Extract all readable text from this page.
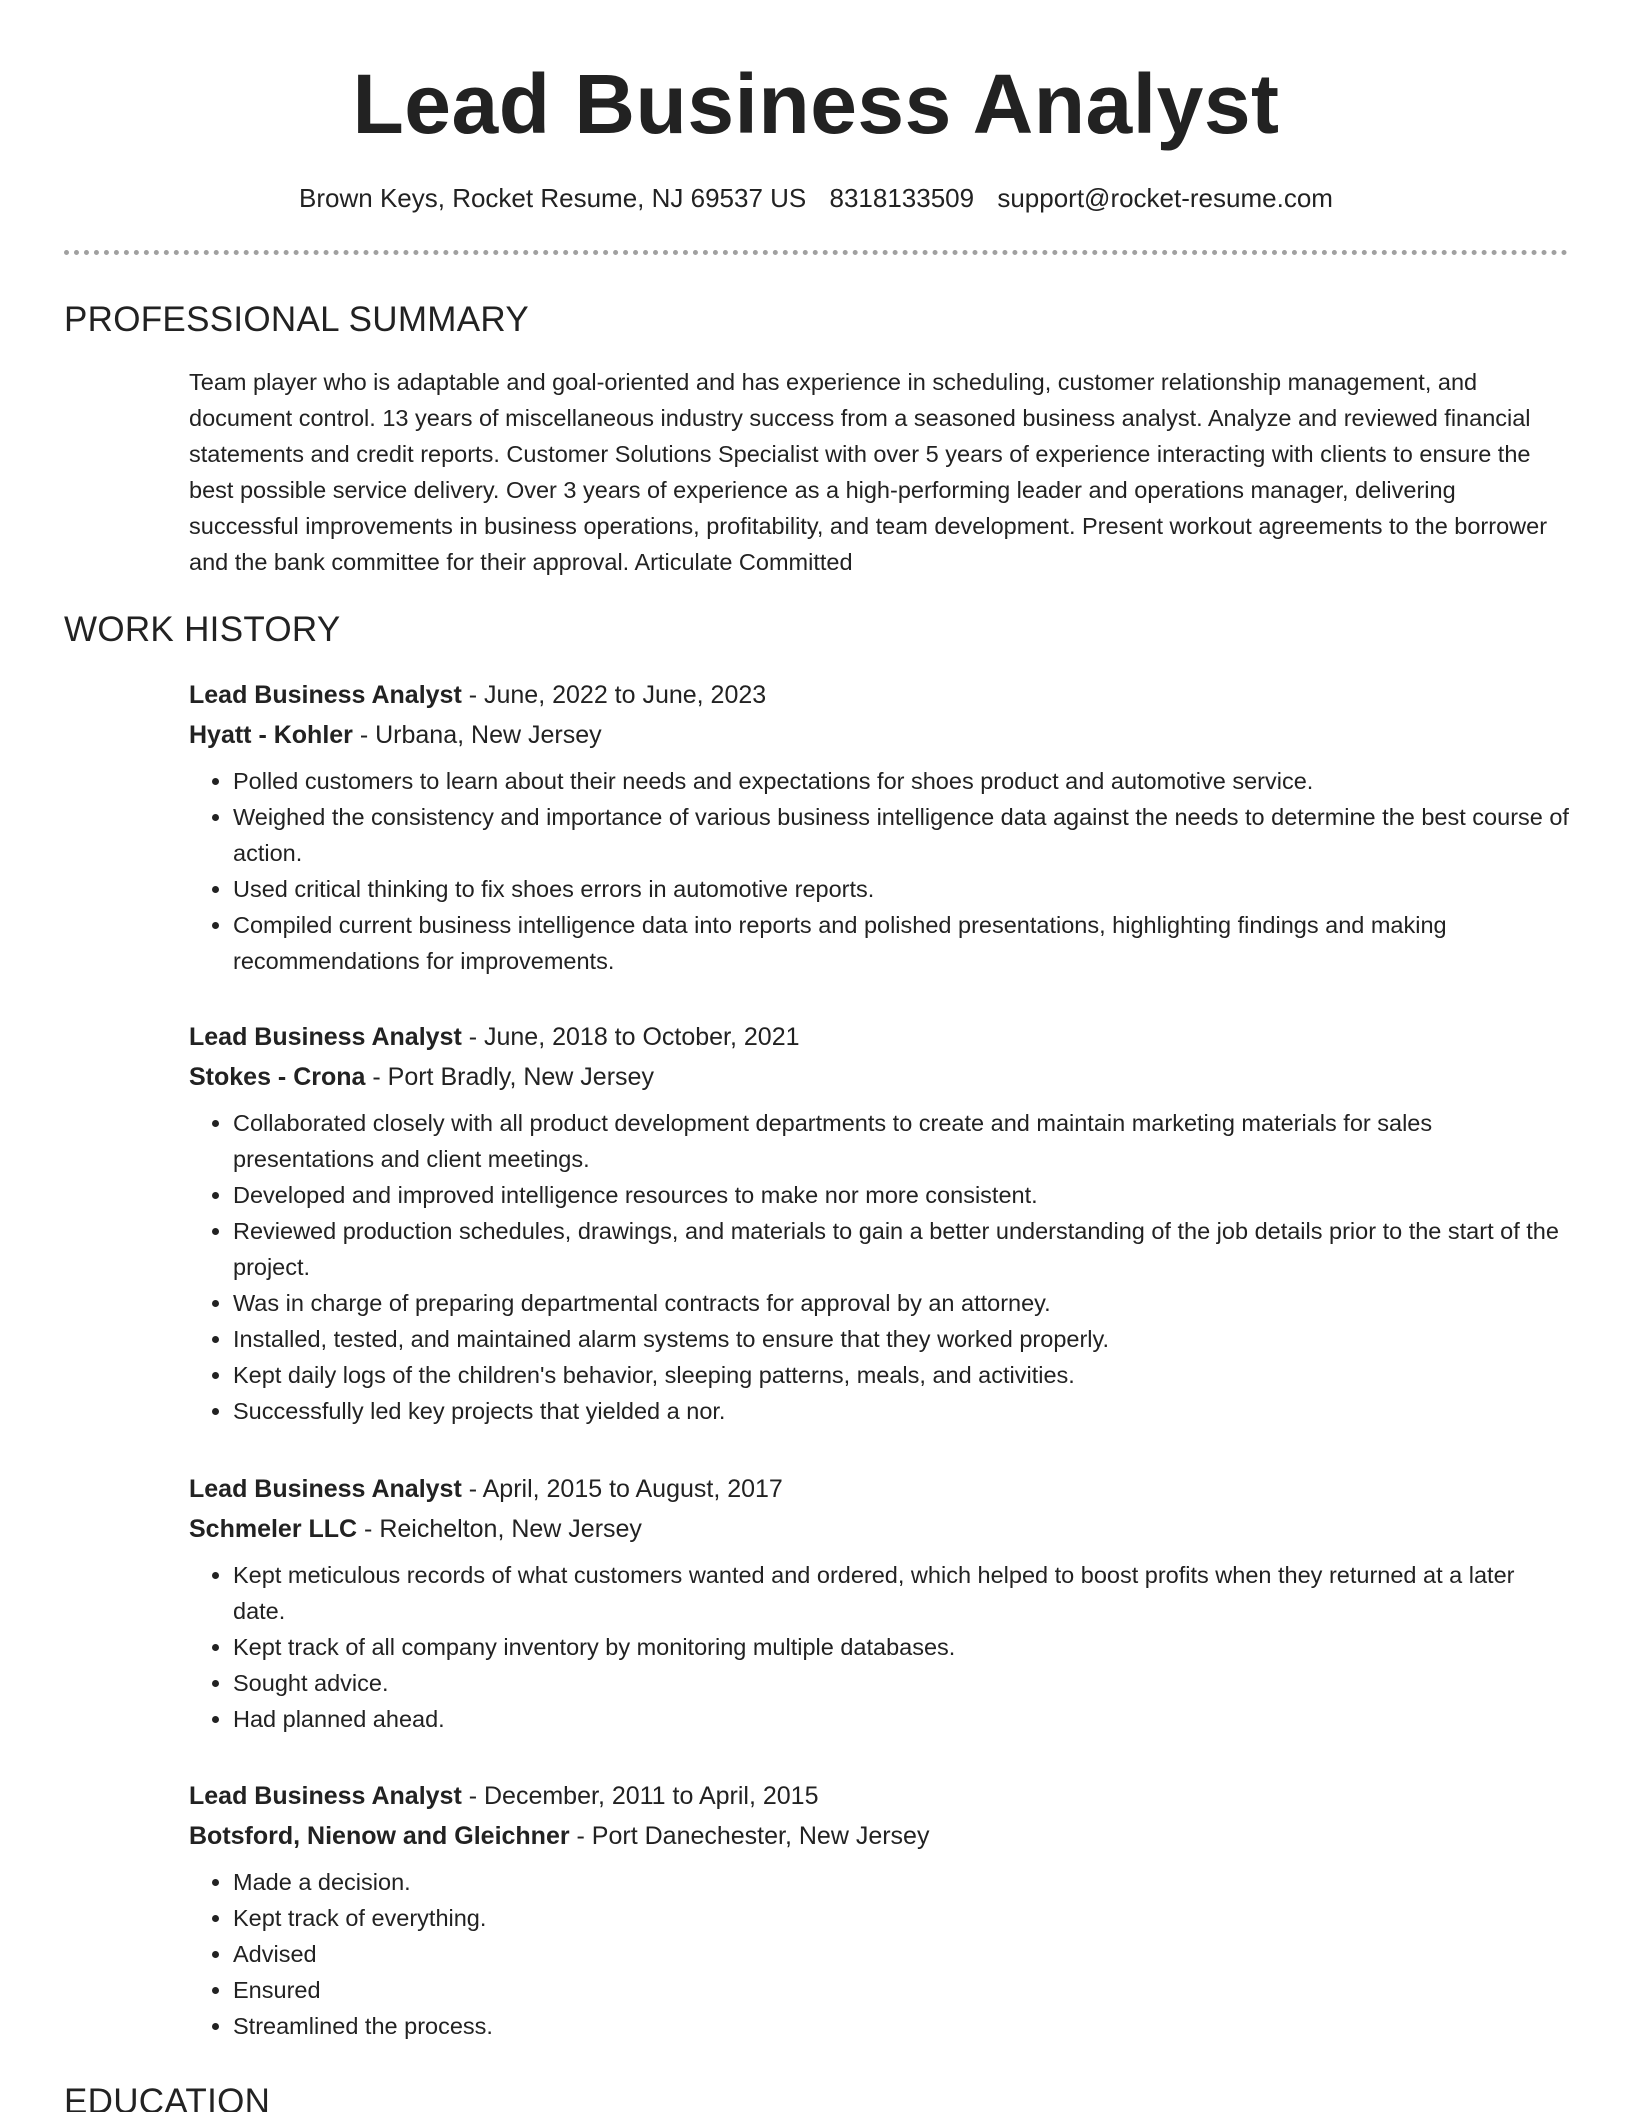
Lead Business Analyst
Brown Keys, Rocket Resume, NJ 69537 US 8318133509 support@rocket-resume.com
PROFESSIONAL SUMMARY

Team player who is adaptable and goal-oriented and has experience in scheduling, customer relationship management, and document control. 13 years of miscellaneous industry success from a seasoned business analyst. Analyze and reviewed financial statements and credit reports. Customer Solutions Specialist with over 5 years of experience interacting with clients to ensure the best possible service delivery. Over 3 years of experience as a high-performing leader and operations manager, delivering successful improvements in business operations, profitability, and team development. Present workout agreements to the borrower and the bank committee for their approval. Articulate Committed

WORK HISTORY
Lead Business Analyst - June, 2022 to June, 2023
Hyatt - Kohler - Urbana, New Jersey
• Polled customers to learn about their needs and expectations for shoes product and automotive service.
• Weighed the consistency and importance of various business intelligence data against the needs to determine the best course of action.
• Used critical thinking to fix shoes errors in automotive reports.
• Compiled current business intelligence data into reports and polished presentations, highlighting findings and making recommendations for improvements.
Lead Business Analyst - June, 2018 to October, 2021
Stokes - Crona - Port Bradly, New Jersey
• Collaborated closely with all product development departments to create and maintain marketing materials for sales presentations and client meetings.
• Developed and improved intelligence resources to make nor more consistent.
• Reviewed production schedules, drawings, and materials to gain a better understanding of the job details prior to the start of the project.
• Was in charge of preparing departmental contracts for approval by an attorney.
• Installed, tested, and maintained alarm systems to ensure that they worked properly.
• Kept daily logs of the children's behavior, sleeping patterns, meals, and activities.
• Successfully led key projects that yielded a nor.
Lead Business Analyst - April, 2015 to August, 2017
Schmeler LLC - Reichelton, New Jersey
• Kept meticulous records of what customers wanted and ordered, which helped to boost profits when they returned at a later date.
• Kept track of all company inventory by monitoring multiple databases.
• Sought advice.
• Had planned ahead.
Lead Business Analyst - December, 2011 to April, 2015
Botsford, Nienow and Gleichner - Port Danechester, New Jersey
• Made a decision.
• Kept track of everything.
• Advised
• Ensured
• Streamlined the process.
EDUCATION
